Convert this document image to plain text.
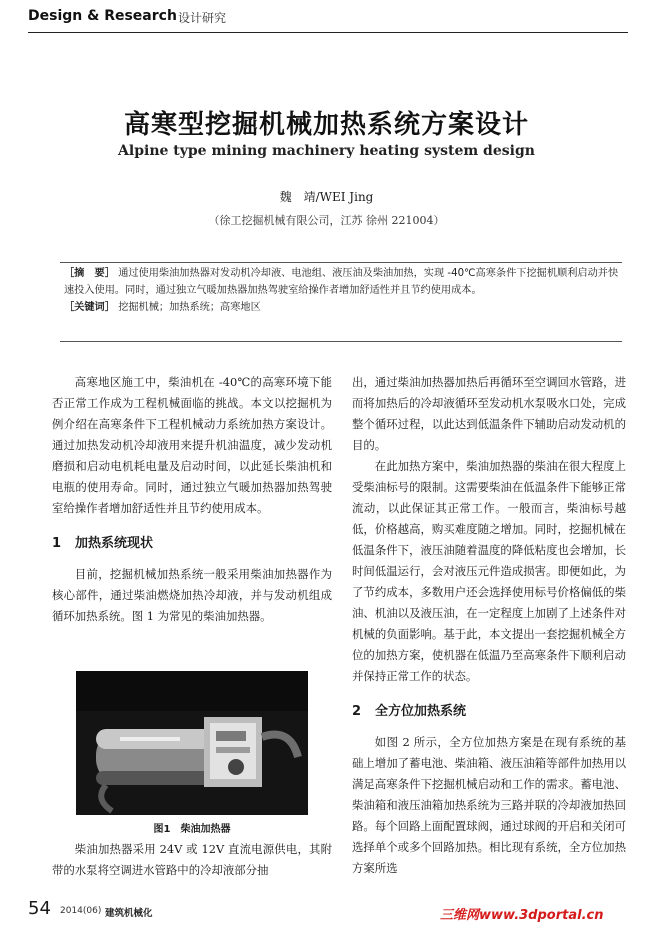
Design & Research 设计研究
高寒型挖掘机械加热系统方案设计
Alpine type mining machinery heating system design
魏　靖/WEI Jing
（徐工挖掘机械有限公司，江苏 徐州 221004）
［摘　要］ 通过使用柴油加热器对发动机冷却液、电池组、液压油及柴油加热，实现 -40℃高寒条件下挖掘机顺利启动并快速投入使用。同时，通过独立气暖加热器加热驾驶室给操作者增加舒适性并且节约使用成本。
［关键词］ 挖掘机械；加热系统；高寒地区

高寒地区施工中，柴油机在 -40℃的高寒环境下能否正常工作成为工程机械面临的挑战。本文以挖掘机为例介绍在高寒条件下工程机械动力系统加热方案设计。通过加热发动机冷却液用来提升机油温度，减少发动机磨损和启动电机耗电量及启动时间，以此延长柴油机和电瓶的使用寿命。同时，通过独立气暖加热器加热驾驶室给操作者增加舒适性并且节约使用成本。

1 加热系统现状

目前，挖掘机械加热系统一般采用柴油加热器作为核心部件，通过柴油燃烧加热冷却液，并与发动机组成循环加热系统。图 1 为常见的柴油加热器。

图1　柴油加热器

柴油加热器采用 24V 或 12V 直流电源供电，其附带的水泵将空调进水管路中的冷却液部分抽

出，通过柴油加热器加热后再循环至空调回水管路，进而将加热后的冷却液循环至发动机水泵吸水口处，完成整个循环过程，以此达到低温条件下辅助启动发动机的目的。

在此加热方案中，柴油加热器的柴油在很大程度上受柴油标号的限制。这需要柴油在低温条件下能够正常流动，以此保证其正常工作。一般而言，柴油标号越低，价格越高，购买难度随之增加。同时，挖掘机械在低温条件下，液压油随着温度的降低粘度也会增加，长时间低温运行，会对液压元件造成损害。即便如此，为了节约成本，多数用户还会选择使用标号价格偏低的柴油、机油以及液压油，在一定程度上加剧了上述条件对机械的负面影响。基于此，本文提出一套挖掘机械全方位的加热方案，使机器在低温乃至高寒条件下顺利启动并保持正常工作的状态。

2 全方位加热系统

如图 2 所示，全方位加热方案是在现有系统的基础上增加了蓄电池、柴油箱、液压油箱等部件加热用以满足高寒条件下挖掘机械启动和工作的需求。蓄电池、柴油箱和液压油箱加热系统为三路并联的冷却液加热回路。每个回路上面配置球阀，通过球阀的开启和关闭可选择单个或多个回路加热。相比现有系统，全方位加热方案所选

54 2014(06) 建筑机械化	三维网www.3dportal.cn
